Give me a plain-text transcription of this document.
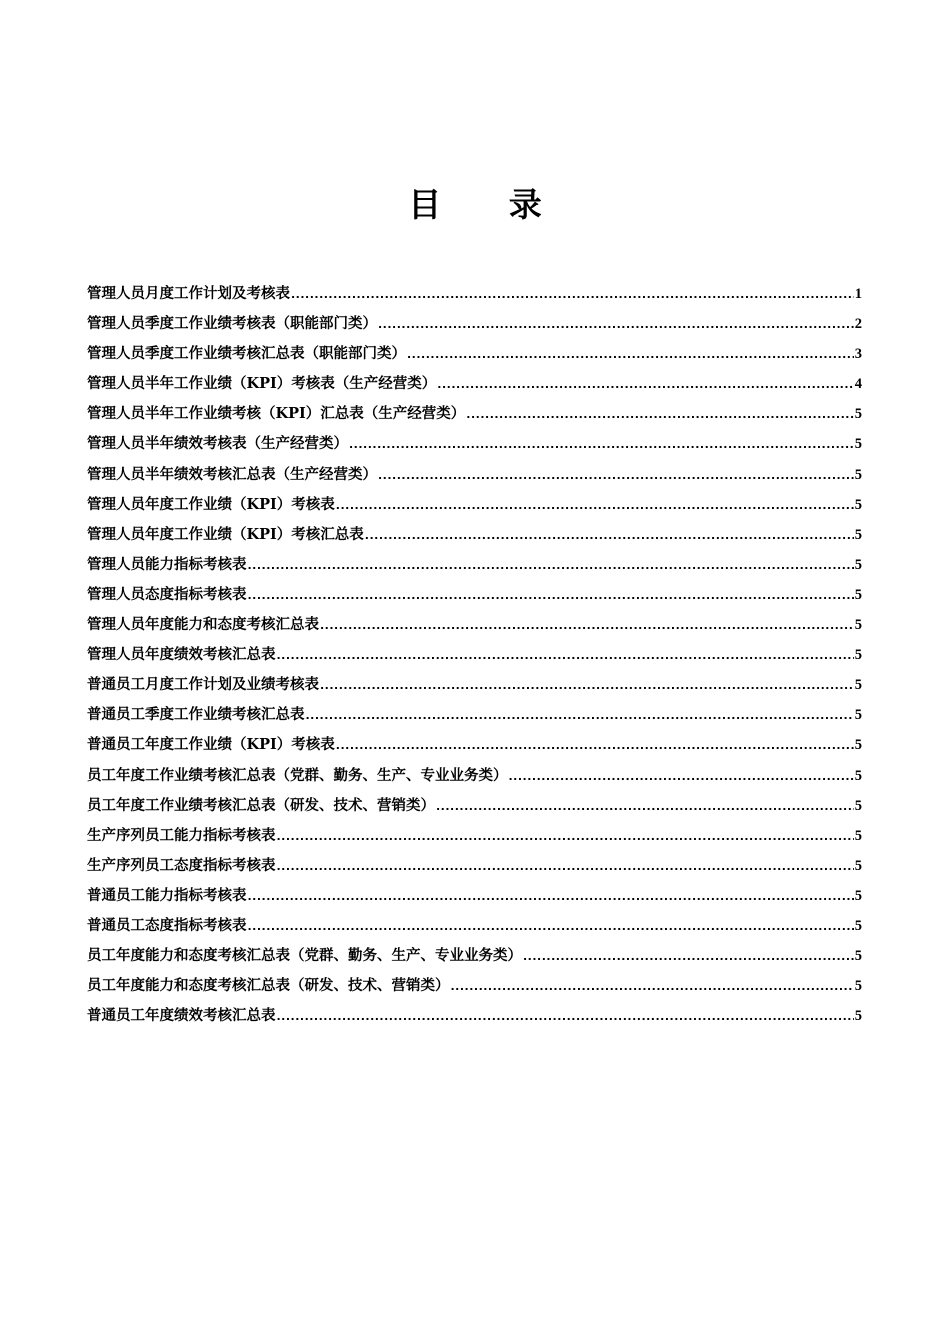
目 录
管理人员月度工作计划及考核表 .....	1
管理人员季度工作业绩考核表（职能部门类） .....	2
管理人员季度工作业绩考核汇总表（职能部门类） .....	3
管理人员半年工作业绩（KPI）考核表（生产经营类） .....	4
管理人员半年工作业绩考核（KPI）汇总表（生产经营类） .....	5
管理人员半年绩效考核表（生产经营类） .....	5
管理人员半年绩效考核汇总表（生产经营类） .....	5
管理人员年度工作业绩（KPI）考核表 .....	5
管理人员年度工作业绩（KPI）考核汇总表 .....	5
管理人员能力指标考核表 .....	5
管理人员态度指标考核表 .....	5
管理人员年度能力和态度考核汇总表 .....	5
管理人员年度绩效考核汇总表 .....	5
普通员工月度工作计划及业绩考核表 .....	5
普通员工季度工作业绩考核汇总表 .....	5
普通员工年度工作业绩（KPI）考核表 .....	5
员工年度工作业绩考核汇总表（党群、勤务、生产、专业业务类） .....	5
员工年度工作业绩考核汇总表（研发、技术、营销类） .....	5
生产序列员工能力指标考核表 .....	5
生产序列员工态度指标考核表 .....	5
普通员工能力指标考核表 .....	5
普通员工态度指标考核表 .....	5
员工年度能力和态度考核汇总表（党群、勤务、生产、专业业务类） .....	5
员工年度能力和态度考核汇总表（研发、技术、营销类） .....	5
普通员工年度绩效考核汇总表 .....	5
